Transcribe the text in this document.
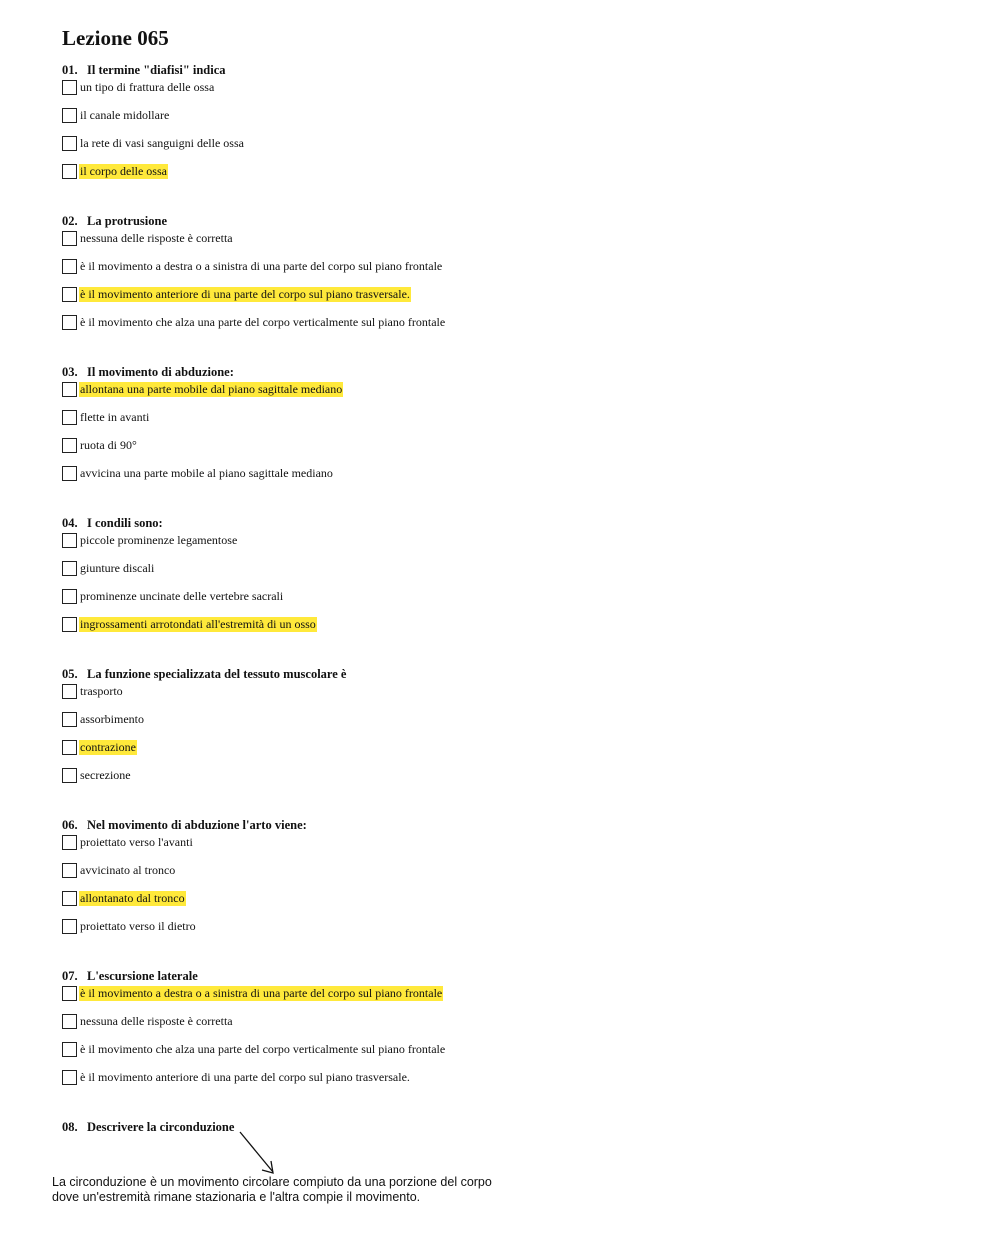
Lezione 065
01. Il termine "diafisi" indica
un tipo di frattura delle ossa
il canale midollare
la rete di vasi sanguigni delle ossa
il corpo delle ossa
02. La protrusione
nessuna delle risposte è corretta
è il movimento a destra o a sinistra di una parte del corpo sul piano frontale
è il movimento anteriore di una parte del corpo sul piano trasversale.
è il movimento che alza una parte del corpo verticalmente sul piano frontale
03. Il movimento di abduzione:
allontana una parte mobile dal piano sagittale mediano
flette in avanti
ruota di 90°
avvicina una parte mobile al piano sagittale mediano
04. I condili sono:
piccole prominenze legamentose
giunture discali
prominenze uncinate delle vertebre sacrali
ingrossamenti arrotondati all'estremità di un osso
05. La funzione specializzata del tessuto muscolare è
trasporto
assorbimento
contrazione
secrezione
06. Nel movimento di abduzione l'arto viene:
proiettato verso l'avanti
avvicinato al tronco
allontanato dal tronco
proiettato verso il dietro
07. L'escursione laterale
è il movimento a destra o a sinistra di una parte del corpo sul piano frontale
nessuna delle risposte è corretta
è il movimento che alza una parte del corpo verticalmente sul piano frontale
è il movimento anteriore di una parte del corpo sul piano trasversale.
08. Descrivere la circonduzione
La circonduzione è un movimento circolare compiuto da una porzione del corpo
dove un'estremità rimane stazionaria e l'altra compie il movimento.
